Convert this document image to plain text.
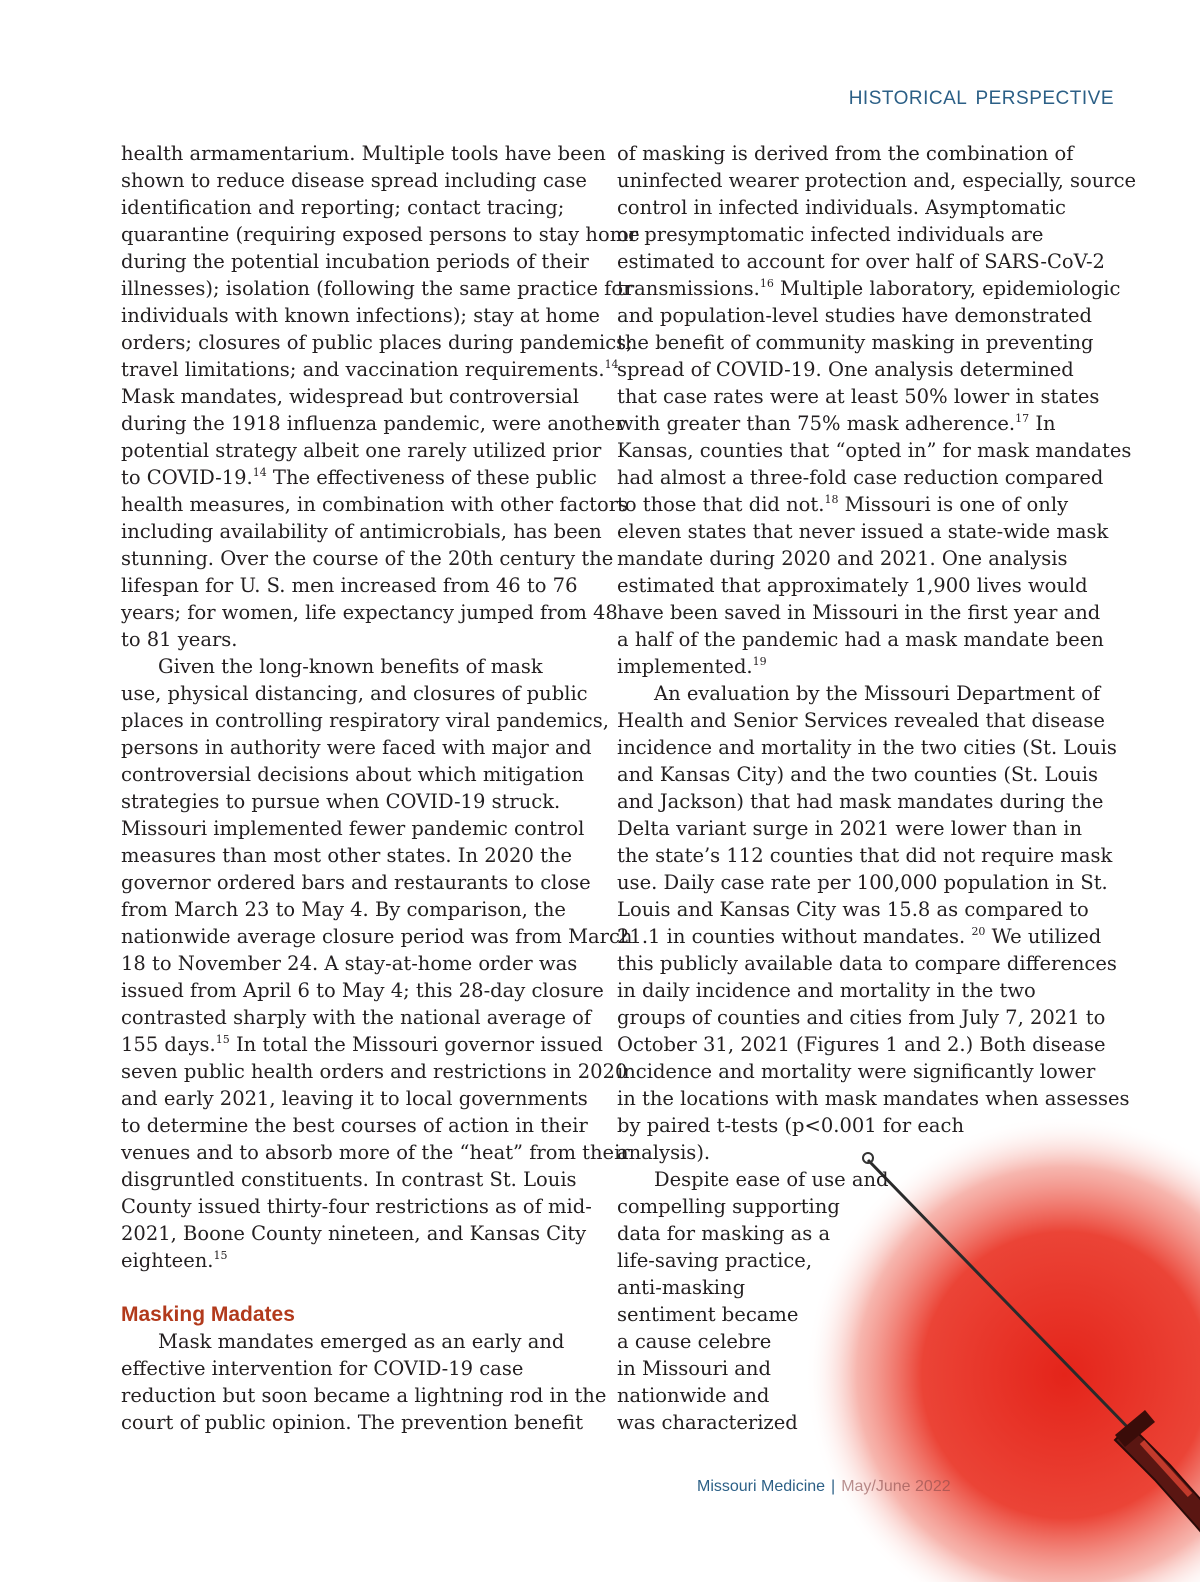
HISTORICAL PERSPECTIVE
health armamentarium. Multiple tools have been
shown to reduce disease spread including case
identification and reporting; contact tracing;
quarantine (requiring exposed persons to stay home
during the potential incubation periods of their
illnesses); isolation (following the same practice for
individuals with known infections); stay at home
orders; closures of public places during pandemics;
travel limitations; and vaccination requirements.$^{14}$
Mask mandates, widespread but controversial
during the 1918 influenza pandemic, were another
potential strategy albeit one rarely utilized prior
to COVID-19.14 The effectiveness of these public
health measures, in combination with other factors
including availability of antimicrobials, has been
stunning. Over the course of the 20th century the
lifespan for U. S. men increased from 46 to 76
years; for women, life expectancy jumped from 48
to 81 years.
Given the long-known benefits of mask
use, physical distancing, and closures of public
places in controlling respiratory viral pandemics,
persons in authority were faced with major and
controversial decisions about which mitigation
strategies to pursue when COVID-19 struck.
Missouri implemented fewer pandemic control
measures than most other states. In 2020 the
governor ordered bars and restaurants to close
from March 23 to May 4. By comparison, the
nationwide average closure period was from March
18 to November 24. A stay-at-home order was
issued from April 6 to May 4; this 28-day closure
contrasted sharply with the national average of
155 days.$^{15}$ In total the Missouri governor issued
seven public health orders and restrictions in 2020
and early 2021, leaving it to local governments
to determine the best courses of action in their
venues and to absorb more of the “heat” from their
disgruntled constituents. In contrast St. Louis
County issued thirty-four restrictions as of mid-
2021, Boone County nineteen, and Kansas City
eighteen.$^{15}$
Masking Madates
Mask mandates emerged as an early and
effective intervention for COVID-19 case
reduction but soon became a lightning rod in the
court of public opinion. The prevention benefit
of masking is derived from the combination of
uninfected wearer protection and, especially, source
control in infected individuals. Asymptomatic
or presymptomatic infected individuals are
estimated to account for over half of SARS-CoV-2
transmissions.$^{16}$ Multiple laboratory, epidemiologic
and population-level studies have demonstrated
the benefit of community masking in preventing
spread of COVID-19. One analysis determined
that case rates were at least 50% lower in states
with greater than 75% mask adherence.$^{17}$ In
Kansas, counties that “opted in” for mask mandates
had almost a three-fold case reduction compared
to those that did not.$^{18}$ Missouri is one of only
eleven states that never issued a state-wide mask
mandate during 2020 and 2021. One analysis
estimated that approximately 1,900 lives would
have been saved in Missouri in the first year and
a half of the pandemic had a mask mandate been
implemented.$^{19}$
An evaluation by the Missouri Department of
Health and Senior Services revealed that disease
incidence and mortality in the two cities (St. Louis
and Kansas City) and the two counties (St. Louis
and Jackson) that had mask mandates during the
Delta variant surge in 2021 were lower than in
the state’s 112 counties that did not require mask
use. Daily case rate per 100,000 population in St.
Louis and Kansas City was 15.8 as compared to
21.1 in counties without mandates. $^{20}$ We utilized
this publicly available data to compare differences
in daily incidence and mortality in the two
groups of counties and cities from July 7, 2021 to
October 31, 2021 (Figures 1 and 2.) Both disease
incidence and mortality were significantly lower
in the locations with mask mandates when assesses
by paired t-tests (p<0.001 for each
analysis).
Despite ease of use and
compelling supporting
data for masking as a
life-saving practice,
anti-masking
sentiment became
a cause celebre
in Missouri and
nationwide and
was characterized
Missouri Medicine | May/June 2022
